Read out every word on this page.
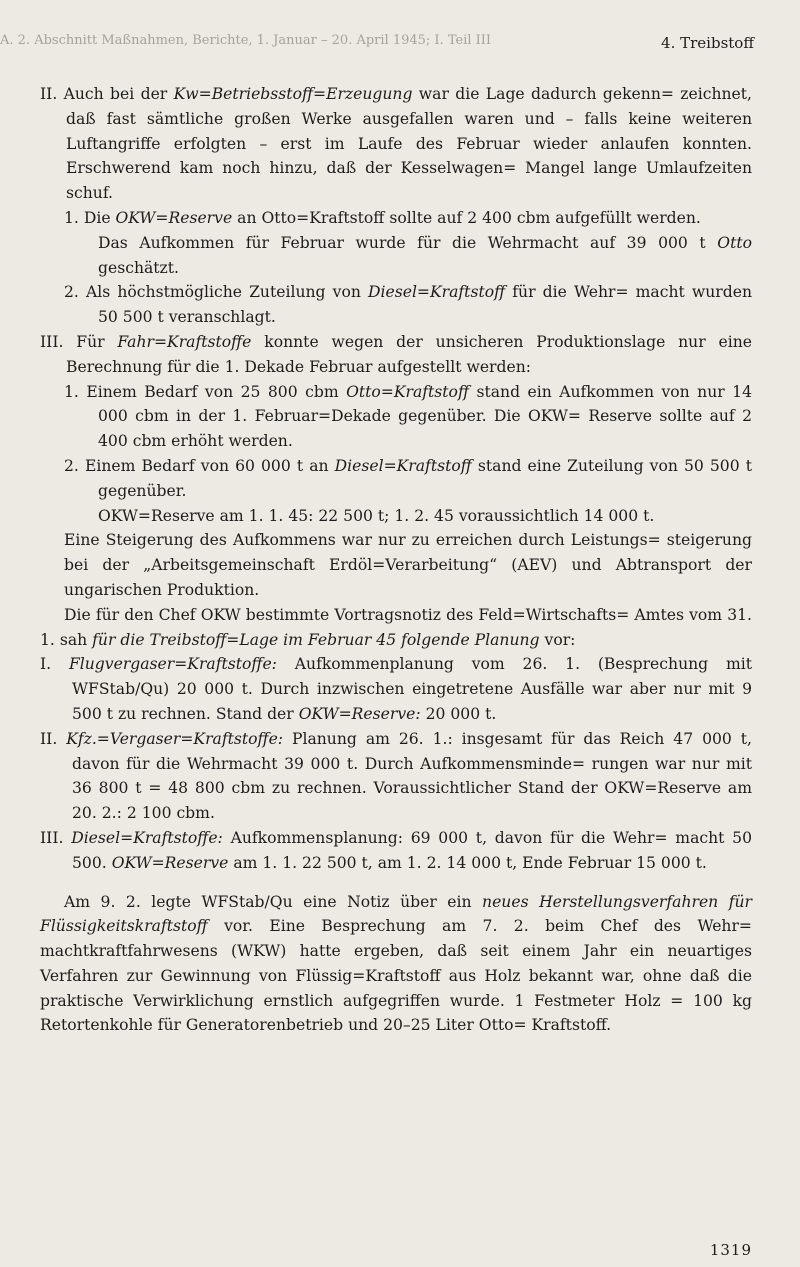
A. 2. Abschnitt Maßnahmen, Berichte, 1. Januar – 20. April 1945; I. Teil III	4. Treibstoff

II. Auch bei der Kw=Betriebsstoff=Erzeugung war die Lage dadurch gekenn= zeichnet, daß fast sämtliche großen Werke ausgefallen waren und – falls keine weiteren Luftangriffe erfolgten – erst im Laufe des Februar wieder anlaufen konnten. Erschwerend kam noch hinzu, daß der Kesselwagen= Mangel lange Umlaufzeiten schuf.

1. Die OKW=Reserve an Otto=Kraftstoff sollte auf 2 400 cbm aufgefüllt werden.

Das Aufkommen für Februar wurde für die Wehrmacht auf 39 000 t Otto geschätzt.

2. Als höchstmögliche Zuteilung von Diesel=Kraftstoff für die Wehr= macht wurden 50 500 t veranschlagt.

III. Für Fahr=Kraftstoffe konnte wegen der unsicheren Produktionslage nur eine Berechnung für die 1. Dekade Februar aufgestellt werden:

1. Einem Bedarf von 25 800 cbm Otto=Kraftstoff stand ein Aufkommen von nur 14 000 cbm in der 1. Februar=Dekade gegenüber. Die OKW= Reserve sollte auf 2 400 cbm erhöht werden.

2. Einem Bedarf von 60 000 t an Diesel=Kraftstoff stand eine Zuteilung von 50 500 t gegenüber.

OKW=Reserve am 1. 1. 45: 22 500 t; 1. 2. 45 voraussichtlich 14 000 t.

Eine Steigerung des Aufkommens war nur zu erreichen durch Leistungs= steigerung bei der „Arbeitsgemeinschaft Erdöl=Verarbeitung“ (AEV) und Abtransport der ungarischen Produktion.

Die für den Chef OKW bestimmte Vortragsnotiz des Feld=Wirtschafts= Amtes vom 31. 1. sah für die Treibstoff=Lage im Februar 45 folgende Planung vor:

I. Flugvergaser=Kraftstoffe: Aufkommenplanung vom 26. 1. (Besprechung mit WFStab/Qu) 20 000 t. Durch inzwischen eingetretene Ausfälle war aber nur mit 9 500 t zu rechnen. Stand der OKW=Reserve: 20 000 t.

II. Kfz.=Vergaser=Kraftstoffe: Planung am 26. 1.: insgesamt für das Reich 47 000 t, davon für die Wehrmacht 39 000 t. Durch Aufkommensminde= rungen war nur mit 36 800 t = 48 800 cbm zu rechnen. Voraussichtlicher Stand der OKW=Reserve am 20. 2.: 2 100 cbm.

III. Diesel=Kraftstoffe: Aufkommensplanung: 69 000 t, davon für die Wehr= macht 50 500. OKW=Reserve am 1. 1. 22 500 t, am 1. 2. 14 000 t, Ende Februar 15 000 t.

Am 9. 2. legte WFStab/Qu eine Notiz über ein neues Herstellungsverfahren für Flüssigkeitskraftstoff vor. Eine Besprechung am 7. 2. beim Chef des Wehr= machtkraftfahrwesens (WKW) hatte ergeben, daß seit einem Jahr ein neuartiges Verfahren zur Gewinnung von Flüssig=Kraftstoff aus Holz bekannt war, ohne daß die praktische Verwirklichung ernstlich aufgegriffen wurde. 1 Festmeter Holz = 100 kg Retortenkohle für Generatorenbetrieb und 20–25 Liter Otto= Kraftstoff.

1319
